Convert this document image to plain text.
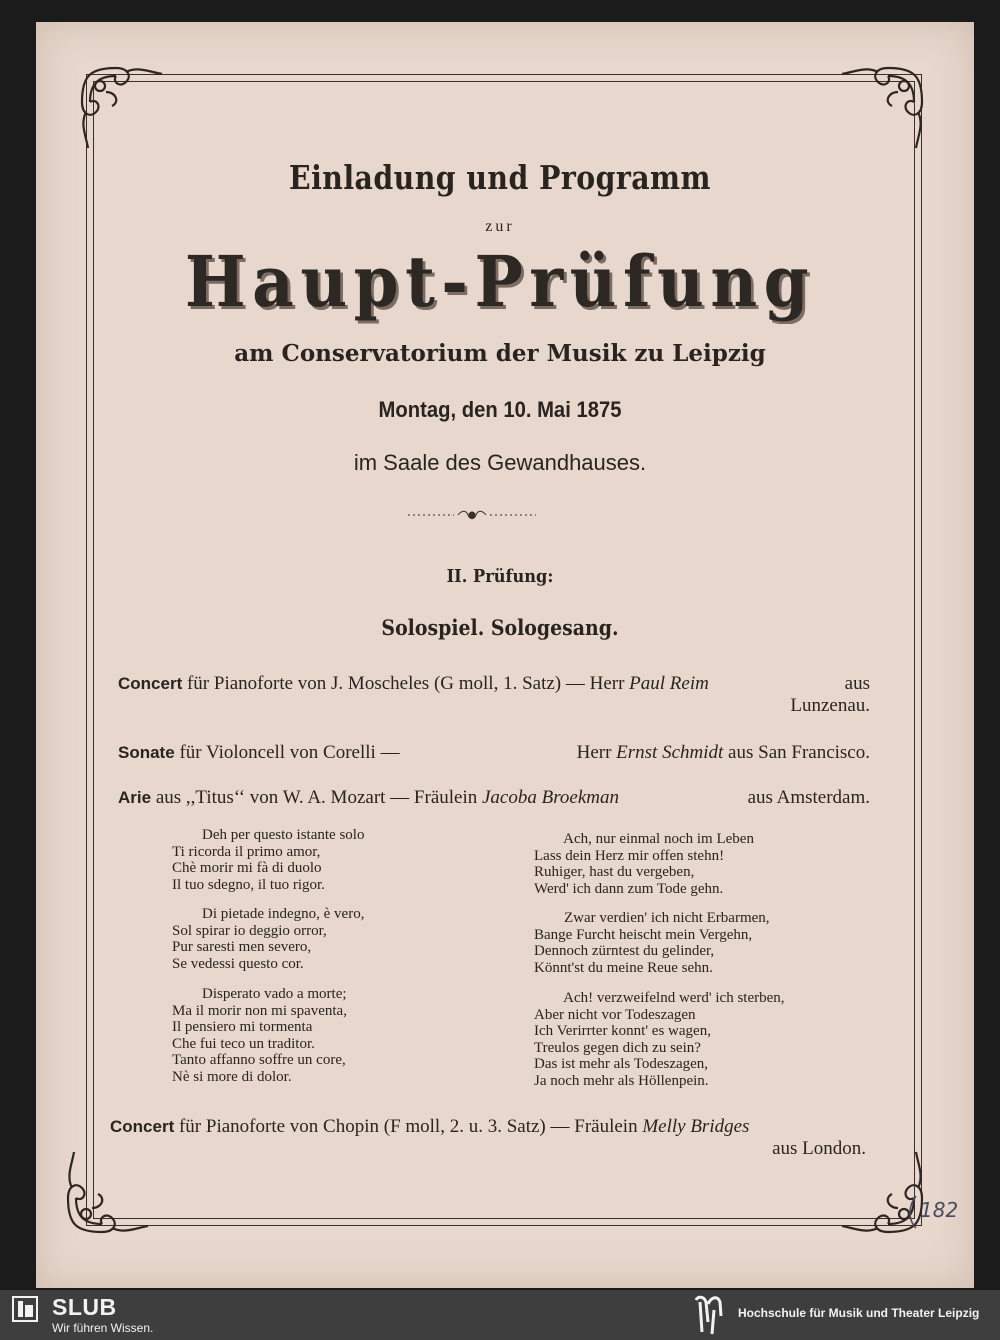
Einladung und Programm
zur
Haupt-Prüfung
am Conservatorium der Musik zu Leipzig
Montag, den 10. Mai 1875
im Saale des Gewandhauses.
II. Prüfung:
Solospiel. Sologesang.
Concert für Pianoforte von J. Moscheles (G moll, 1. Satz) — Herr Paul Reim	aus
Lunzenau.
Sonate für Violoncell von Corelli —	Herr Ernst Schmidt aus San Francisco.
Arie aus ,,Titus‘‘ von W. A. Mozart — Fräulein Jacoba Broekman	aus Amsterdam.
Deh per questo istante solo
Ti ricorda il primo amor,
Chè morir mi fà di duolo
Il tuo sdegno, il tuo rigor.
Di pietade indegno, è vero,
Sol spirar io deggio orror,
Pur saresti men severo,
Se vedessi questo cor.
Disperato vado a morte;
Ma il morir non mi spaventa,
Il pensiero mi tormenta
Che fui teco un traditor.
Tanto affanno soffre un core,
Nè si more di dolor.
Ach, nur einmal noch im Leben
Lass dein Herz mir offen stehn!
Ruhiger, hast du vergeben,
Werd' ich dann zum Tode gehn.
Zwar verdien' ich nicht Erbarmen,
Bange Furcht heischt mein Vergehn,
Dennoch zürntest du gelinder,
Könnt'st du meine Reue sehn.
Ach! verzweifelnd werd' ich sterben,
Aber nicht vor Todeszagen
Ich Verirrter konnt' es wagen,
Treulos gegen dich zu sein?
Das ist mehr als Todeszagen,
Ja noch mehr als Höllenpein.
Concert für Pianoforte von Chopin (F moll, 2. u. 3. Satz) — Fräulein Melly Bridges
aus London.
182
SLUB
Wir führen Wissen.
Hochschule für Musik und Theater Leipzig
